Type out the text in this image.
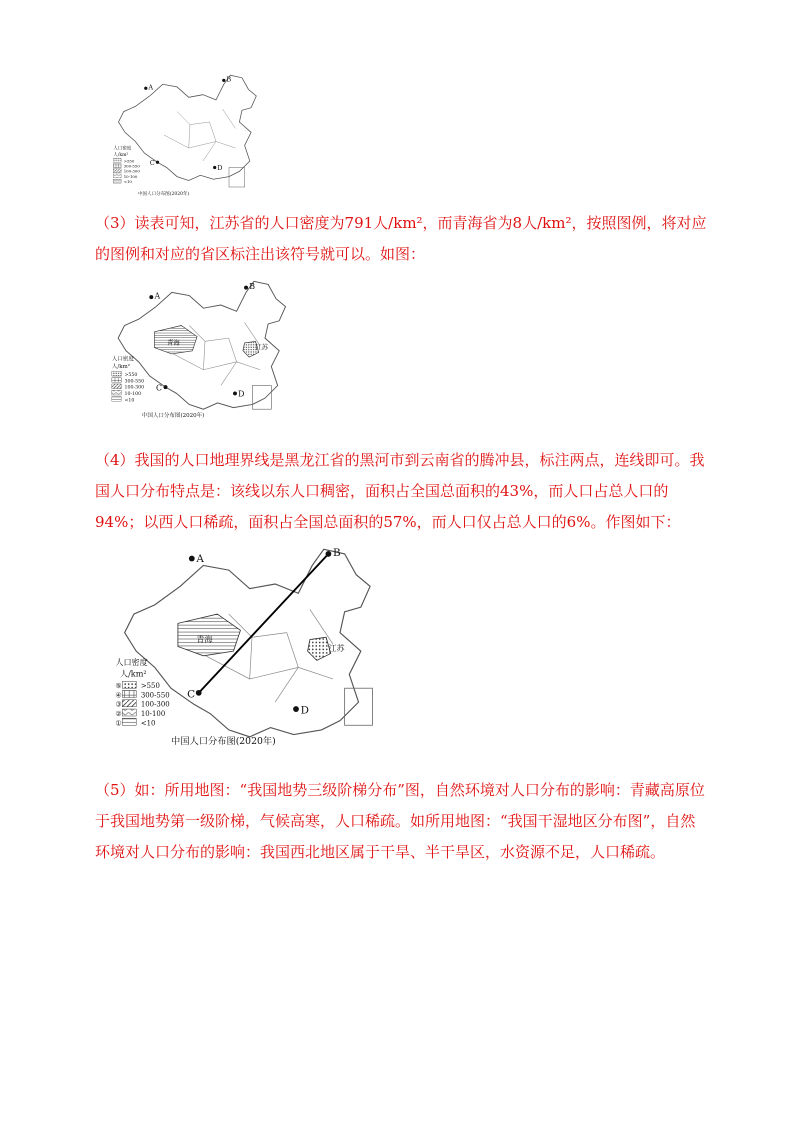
A
B
C
D
人口密度
人/km²
>550
300-550
100-300
10-100
<10
中国人口分布图(2020年)

（3）读表可知，江苏省的人口密度为791人/km²，而青海省为8人/km²，按照图例，将对应的图例和对应的省区标注出该符号就可以。如图：

青海
江苏
A
B
C
D
人口密度
人/km²
>550
300-550
100-300
10-100
<10
中国人口分布图(2020年)

（4）我国的人口地理界线是黑龙江省的黑河市到云南省的腾冲县，标注两点，连线即可。我国人口分布特点是：该线以东人口稠密，面积占全国总面积的43%，而人口占总人口的94%；以西人口稀疏，面积占全国总面积的57%，而人口仅占总人口的6%。作图如下：

青海
江苏
A	B
C
D
人口密度
人/km²
⑤	>550
④	300-550
③	100-300
②	10-100
①	<10
中国人口分布图(2020年)

（5）如：所用地图：“我国地势三级阶梯分布”图，自然环境对人口分布的影响：青藏高原位于我国地势第一级阶梯，气候高寒，人口稀疏。如所用地图：“我国干湿地区分布图”，自然环境对人口分布的影响：我国西北地区属于干旱、半干旱区，水资源不足，人口稀疏。
